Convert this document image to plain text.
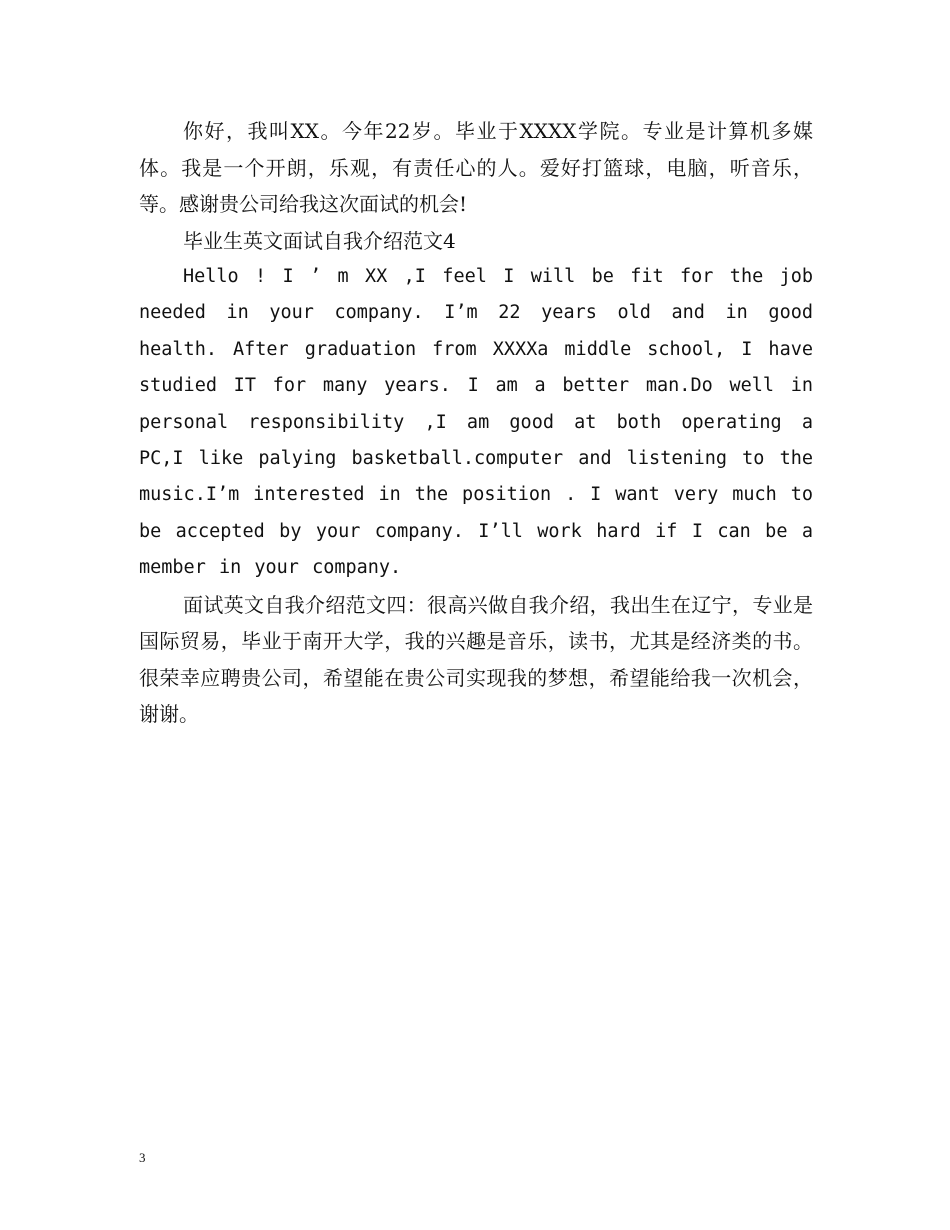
你好，我叫XX。今年22岁。毕业于XXXX学院。专业是计算机多媒体。我是一个开朗，乐观，有责任心的人。爱好打篮球，电脑，听音乐，等。感谢贵公司给我这次面试的机会!

毕业生英文面试自我介绍范文4

Hello ! I ’ m XX ,I feel I will be fit for the job needed in your company. I’m 22 years old and in good health. After graduation from XXXXa middle school, I have studied IT for many years. I am a better man.Do well in personal responsibility ,I am good at both operating a PC,I like palying basketball.computer and listening to the music.I’m interested in the position . I want very much to be accepted by your company. I’ll work hard if I can be a member in your company.

面试英文自我介绍范文四：很高兴做自我介绍，我出生在辽宁，专业是国际贸易，毕业于南开大学，我的兴趣是音乐，读书，尤其是经济类的书。很荣幸应聘贵公司，希望能在贵公司实现我的梦想，希望能给我一次机会，谢谢。

3
